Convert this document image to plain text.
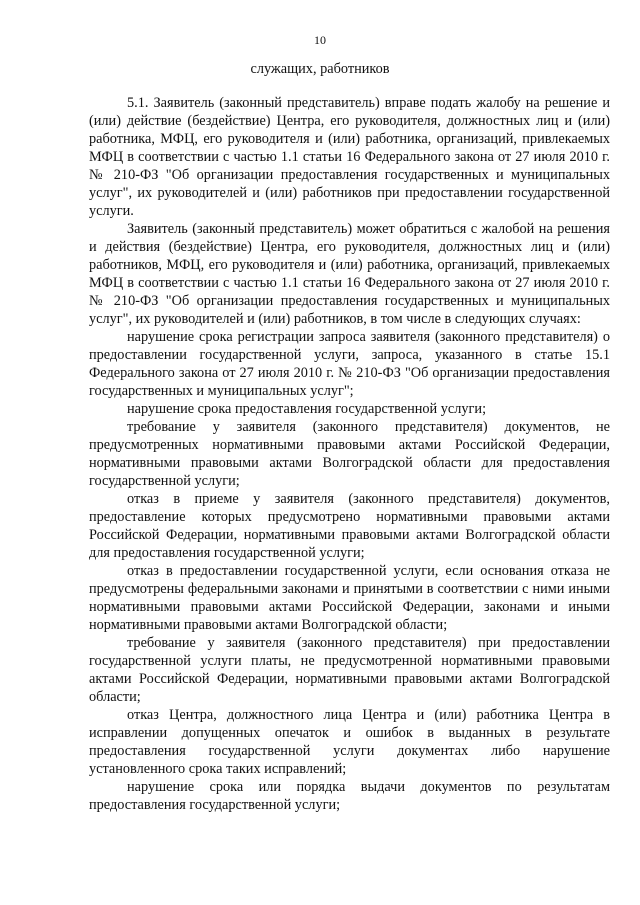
10
служащих, работников

5.1. Заявитель (законный представитель) вправе подать жалобу на решение и (или) действие (бездействие) Центра, его руководителя, должностных лиц и (или) работника, МФЦ, его руководителя и (или) работника, организаций, привлекаемых МФЦ в соответствии с частью 1.1 статьи 16 Федерального закона от 27 июля 2010 г. № 210-ФЗ "Об организации предоставления государственных и муниципальных услуг", их руководителей и (или) работников при предоставлении государственной услуги.

Заявитель (законный представитель) может обратиться с жалобой на решения и действия (бездействие) Центра, его руководителя, должностных лиц и (или) работников, МФЦ, его руководителя и (или) работника, организаций, привлекаемых МФЦ в соответствии с частью 1.1 статьи 16 Федерального закона от 27 июля 2010 г. № 210-ФЗ "Об организации предоставления государственных и муниципальных услуг", их руководителей и (или) работников, в том числе в следующих случаях:

нарушение срока регистрации запроса заявителя (законного представителя) о предоставлении государственной услуги, запроса, указанного в статье 15.1 Федерального закона от 27 июля 2010 г. № 210-ФЗ "Об организации предоставления государственных и муниципальных услуг";

нарушение срока предоставления государственной услуги;

требование у заявителя (законного представителя) документов, не предусмотренных нормативными правовыми актами Российской Федерации, нормативными правовыми актами Волгоградской области для предоставления государственной услуги;

отказ в приеме у заявителя (законного представителя) документов, предоставление которых предусмотрено нормативными правовыми актами Российской Федерации, нормативными правовыми актами Волгоградской области для предоставления государственной услуги;

отказ в предоставлении государственной услуги, если основания отказа не предусмотрены федеральными законами и принятыми в соответствии с ними иными нормативными правовыми актами Российской Федерации, законами и иными нормативными правовыми актами Волгоградской области;

требование у заявителя (законного представителя) при предоставлении государственной услуги платы, не предусмотренной нормативными правовыми актами Российской Федерации, нормативными правовыми актами Волгоградской области;

отказ Центра, должностного лица Центра и (или) работника Центра в исправлении допущенных опечаток и ошибок в выданных в результате предоставления государственной услуги документах либо нарушение установленного срока таких исправлений;

нарушение срока или порядка выдачи документов по результатам предоставления государственной услуги;
